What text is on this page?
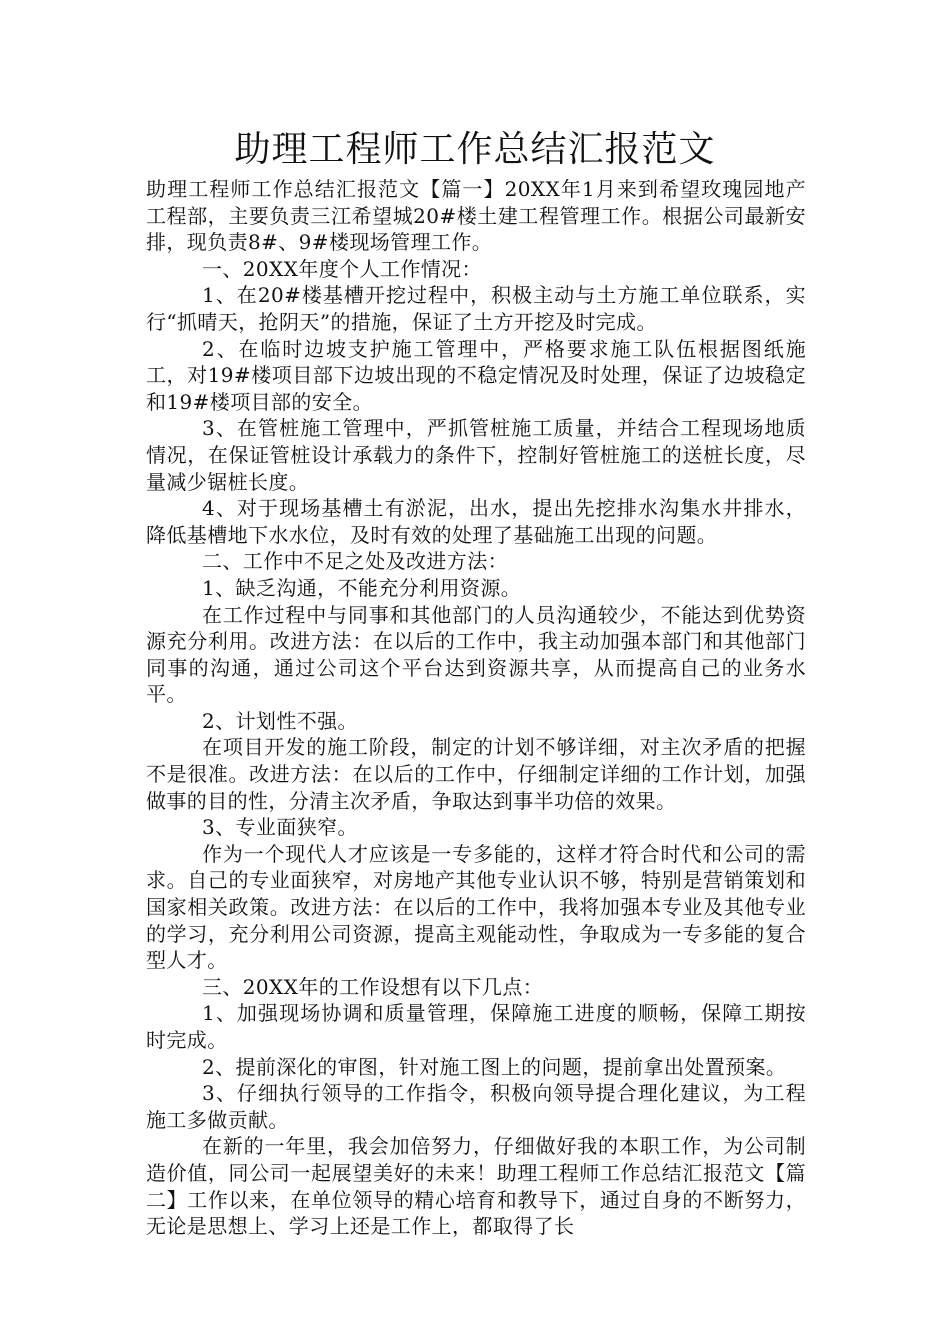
助理工程师工作总结汇报范文

助理工程师工作总结汇报范文【篇一】20XX年1月来到希望玫瑰园地产工程部，主要负责三江希望城20#楼土建工程管理工作。根据公司最新安排，现负责8#、9#楼现场管理工作。

一、20XX年度个人工作情况：

1、在20#楼基槽开挖过程中，积极主动与土方施工单位联系，实行“抓晴天，抢阴天”的措施，保证了土方开挖及时完成。

2、在临时边坡支护施工管理中，严格要求施工队伍根据图纸施工，对19#楼项目部下边坡出现的不稳定情况及时处理，保证了边坡稳定和19#楼项目部的安全。

3、在管桩施工管理中，严抓管桩施工质量，并结合工程现场地质情况，在保证管桩设计承载力的条件下，控制好管桩施工的送桩长度，尽量减少锯桩长度。

4、对于现场基槽土有淤泥，出水，提出先挖排水沟集水井排水，降低基槽地下水水位，及时有效的处理了基础施工出现的问题。

二、工作中不足之处及改进方法：

1、缺乏沟通，不能充分利用资源。

在工作过程中与同事和其他部门的人员沟通较少，不能达到优势资源充分利用。改进方法：在以后的工作中，我主动加强本部门和其他部门同事的沟通，通过公司这个平台达到资源共享，从而提高自己的业务水平。

2、计划性不强。

在项目开发的施工阶段，制定的计划不够详细，对主次矛盾的把握不是很准。改进方法：在以后的工作中，仔细制定详细的工作计划，加强做事的目的性，分清主次矛盾，争取达到事半功倍的效果。

3、专业面狭窄。

作为一个现代人才应该是一专多能的，这样才符合时代和公司的需求。自己的专业面狭窄，对房地产其他专业认识不够，特别是营销策划和国家相关政策。改进方法：在以后的工作中，我将加强本专业及其他专业的学习，充分利用公司资源，提高主观能动性，争取成为一专多能的复合型人才。

三、20XX年的工作设想有以下几点：

1、加强现场协调和质量管理，保障施工进度的顺畅，保障工期按时完成。

2、提前深化的审图，针对施工图上的问题，提前拿出处置预案。

3、仔细执行领导的工作指令，积极向领导提合理化建议，为工程施工多做贡献。

在新的一年里，我会加倍努力，仔细做好我的本职工作，为公司制造价值，同公司一起展望美好的未来！助理工程师工作总结汇报范文【篇二】工作以来，在单位领导的精心培育和教导下，通过自身的不断努力，无论是思想上、学习上还是工作上，都取得了长
